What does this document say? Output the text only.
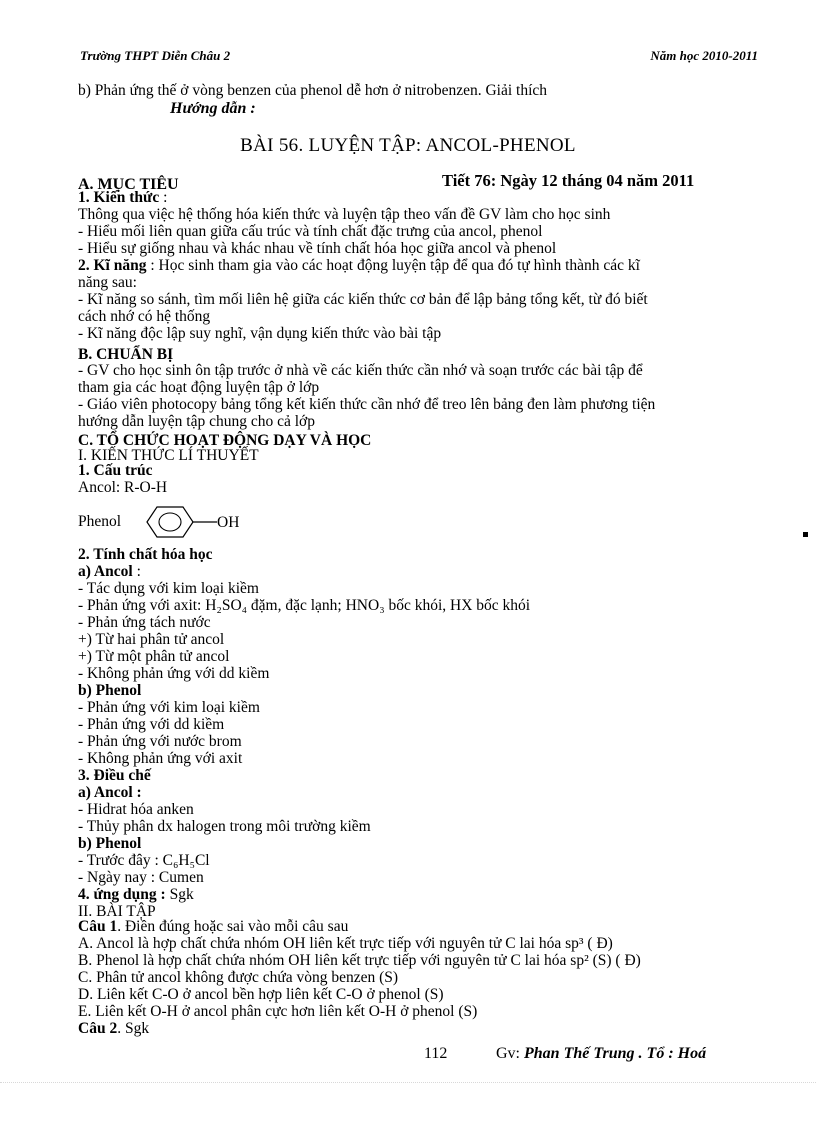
Trường THPT Diễn Châu 2	Năm học 2010-2011
b) Phản ứng thế ở vòng benzen của phenol dễ hơn ở nitrobenzen. Giải thích
Hướng dẫn :
BÀI 56. LUYỆN TẬP: ANCOL-PHENOL
A. MỤC TIÊU	Tiết 76: Ngày 12 tháng 04 năm 2011
1. Kiến thức :
Thông qua việc hệ thống hóa kiến thức và luyện tập theo vấn đề GV làm cho học sinh
- Hiểu mối liên quan giữa cấu trúc và tính chất đặc trưng của ancol, phenol
- Hiểu sự giống nhau và khác nhau về tính chất hóa học giữa ancol và phenol
2. Kĩ năng : Học sinh tham gia vào các hoạt động luyện tập để qua đó tự hình thành các kĩ
năng sau:
- Kĩ năng so sánh, tìm mối liên hệ giữa các kiến thức cơ bản để lập bảng tổng kết, từ đó biết
cách nhớ có hệ thống
- Kĩ năng độc lập suy nghĩ, vận dụng kiến thức vào bài tập
B. CHUẨN BỊ
- GV cho học sinh ôn tập trước ở nhà về các kiến thức cần nhớ và soạn trước các bài tập để
tham gia các hoạt động luyện tập ở lớp
- Giáo viên photocopy bảng tổng kết kiến thức cần nhớ để treo lên bảng đen làm phương tiện
hướng dẫn luyện tập chung cho cả lớp
C. TỔ CHỨC HOẠT ĐỘNG DẠY VÀ HỌC
I. KIẾN THỨC LÍ THUYẾT
1. Cấu trúc
Ancol: R-O-H
Phenol	OH
2. Tính chất hóa học
a) Ancol :
- Tác dụng với kim loại kiềm
- Phản ứng với axit: H₂SO₄ đặm, đặc lạnh; HNO₃ bốc khói, HX bốc khói
- Phản ứng tách nước
+) Từ hai phân tử ancol
+) Từ một phân tử ancol
- Không phản ứng với dd kiềm
b) Phenol
- Phản ứng với kim loại kiềm
- Phản ứng với dd kiềm
- Phản ứng với nước brom
- Không phản ứng với axit
3. Điều chế
a) Ancol :
- Hidrat hóa anken
- Thủy phân dx halogen trong môi trường kiềm
b) Phenol
- Trước đây : C₆H₅Cl
- Ngày nay : Cumen
4. ứng dụng : Sgk
II. BÀI TẬP
Câu 1. Điền đúng hoặc sai vào mỗi câu sau
A. Ancol là hợp chất chứa nhóm OH liên kết trực tiếp với nguyên tử C lai hóa sp³ ( Đ)
B. Phenol là hợp chất chứa nhóm OH liên kết trực tiếp với nguyên tử C lai hóa sp² (S) ( Đ)
C. Phân tử ancol không được chứa vòng benzen (S)
D. Liên kết C-O ở ancol bền hợp liên kết C-O ở phenol (S)
E. Liên kết O-H ở ancol phân cực hơn liên kết O-H ở phenol (S)
Câu 2. Sgk
112	Gv: Phan Thế Trung . Tổ : Hoá
